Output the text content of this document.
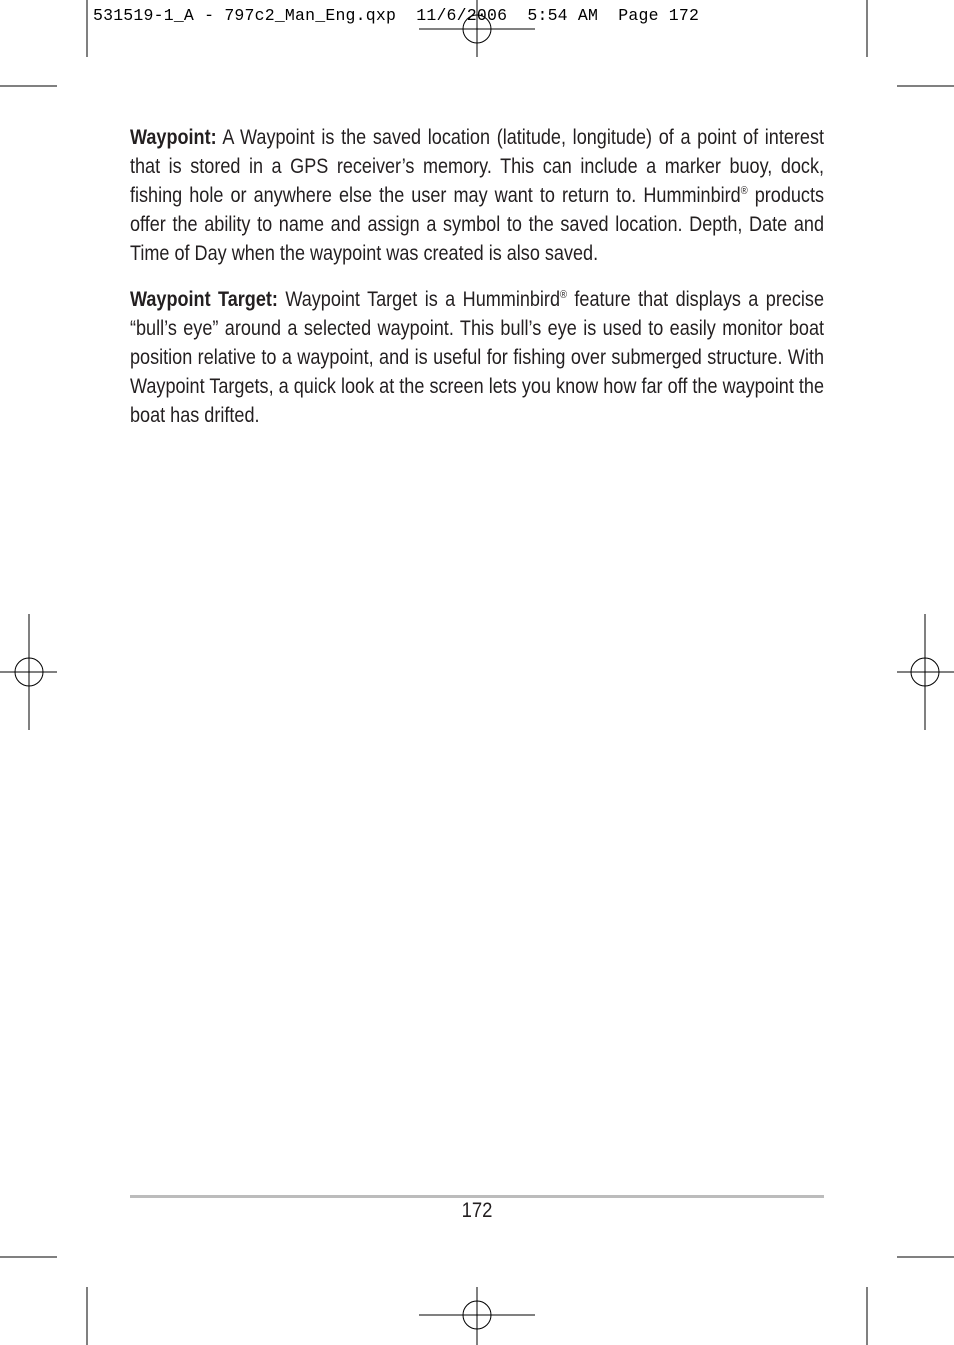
531519-1_A - 797c2_Man_Eng.qxp  11/6/2006  5:54 AM  Page 172

Waypoint: A Waypoint is the saved location (latitude, longitude) of a point of interest that is stored in a GPS receiver’s memory. This can include a marker buoy, dock, fishing hole or anywhere else the user may want to return to. Humminbird® products offer the ability to name and assign a symbol to the saved location. Depth, Date and Time of Day when the waypoint was created is also saved.

Waypoint Target: Waypoint Target is a Humminbird® feature that displays a precise “bull’s eye” around a selected waypoint. This bull’s eye is used to easily monitor boat position relative to a waypoint, and is useful for fishing over submerged structure. With Waypoint Targets, a quick look at the screen lets you know how far off the waypoint the boat has drifted.

172
